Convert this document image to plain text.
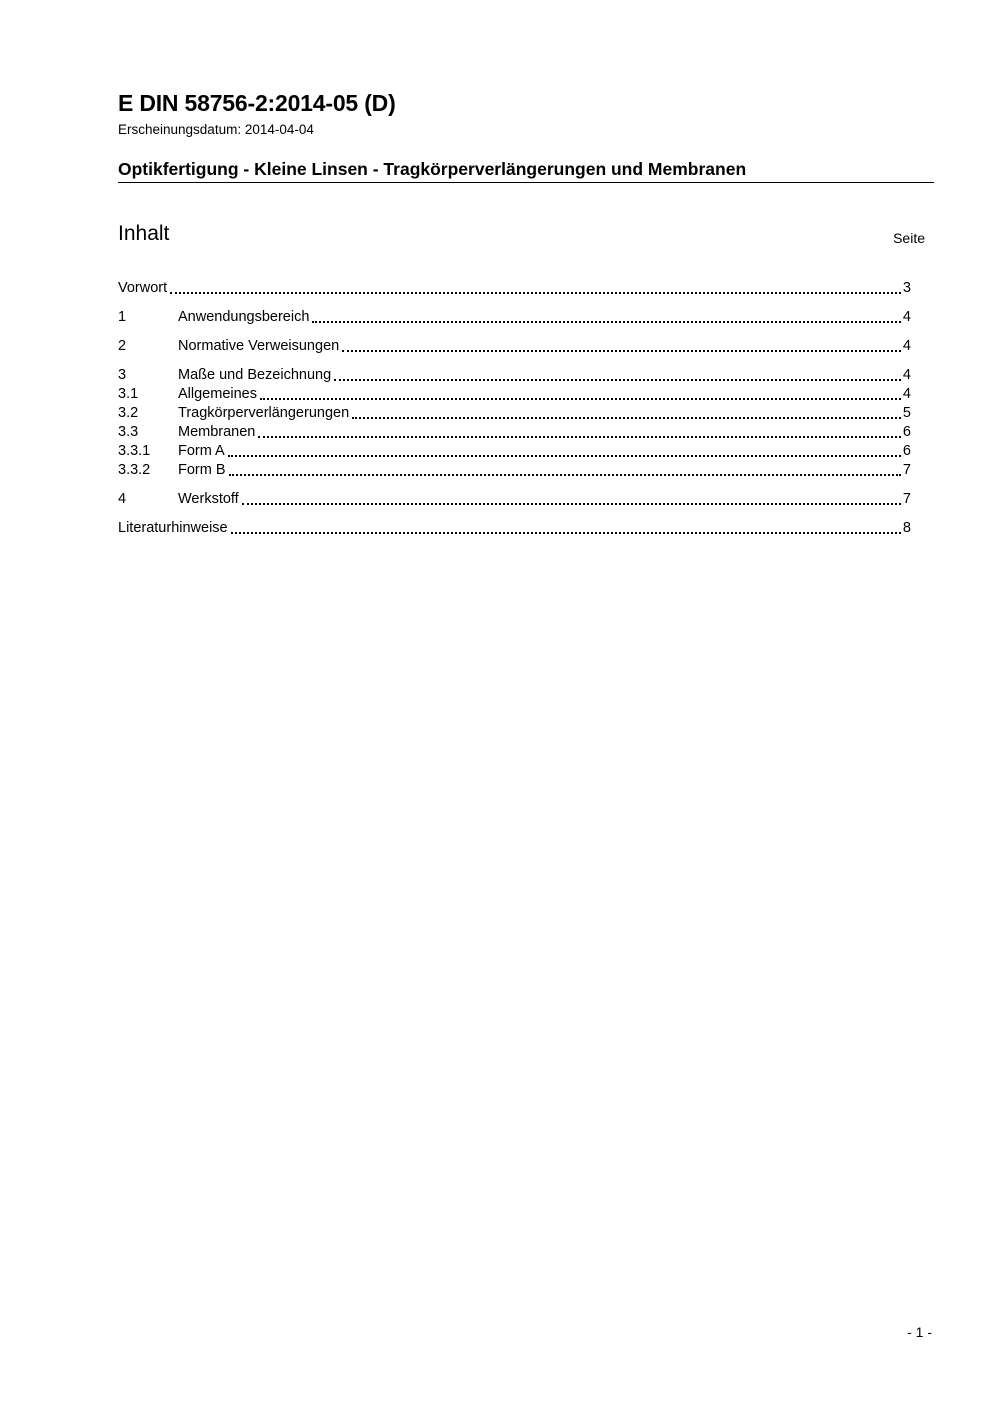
E DIN 58756-2:2014-05 (D)
Erscheinungsdatum: 2014-04-04
Optikfertigung - Kleine Linsen - Tragkörperverlängerungen und Membranen
Inhalt	Seite
Vorwort	3
1	Anwendungsbereich	4
2	Normative Verweisungen	4
3	Maße und Bezeichnung	4
3.1	Allgemeines	4
3.2	Tragkörperverlängerungen	5
3.3	Membranen	6
3.3.1	Form A	6
3.3.2	Form B	7
4	Werkstoff	7
Literaturhinweise	8
- 1 -
